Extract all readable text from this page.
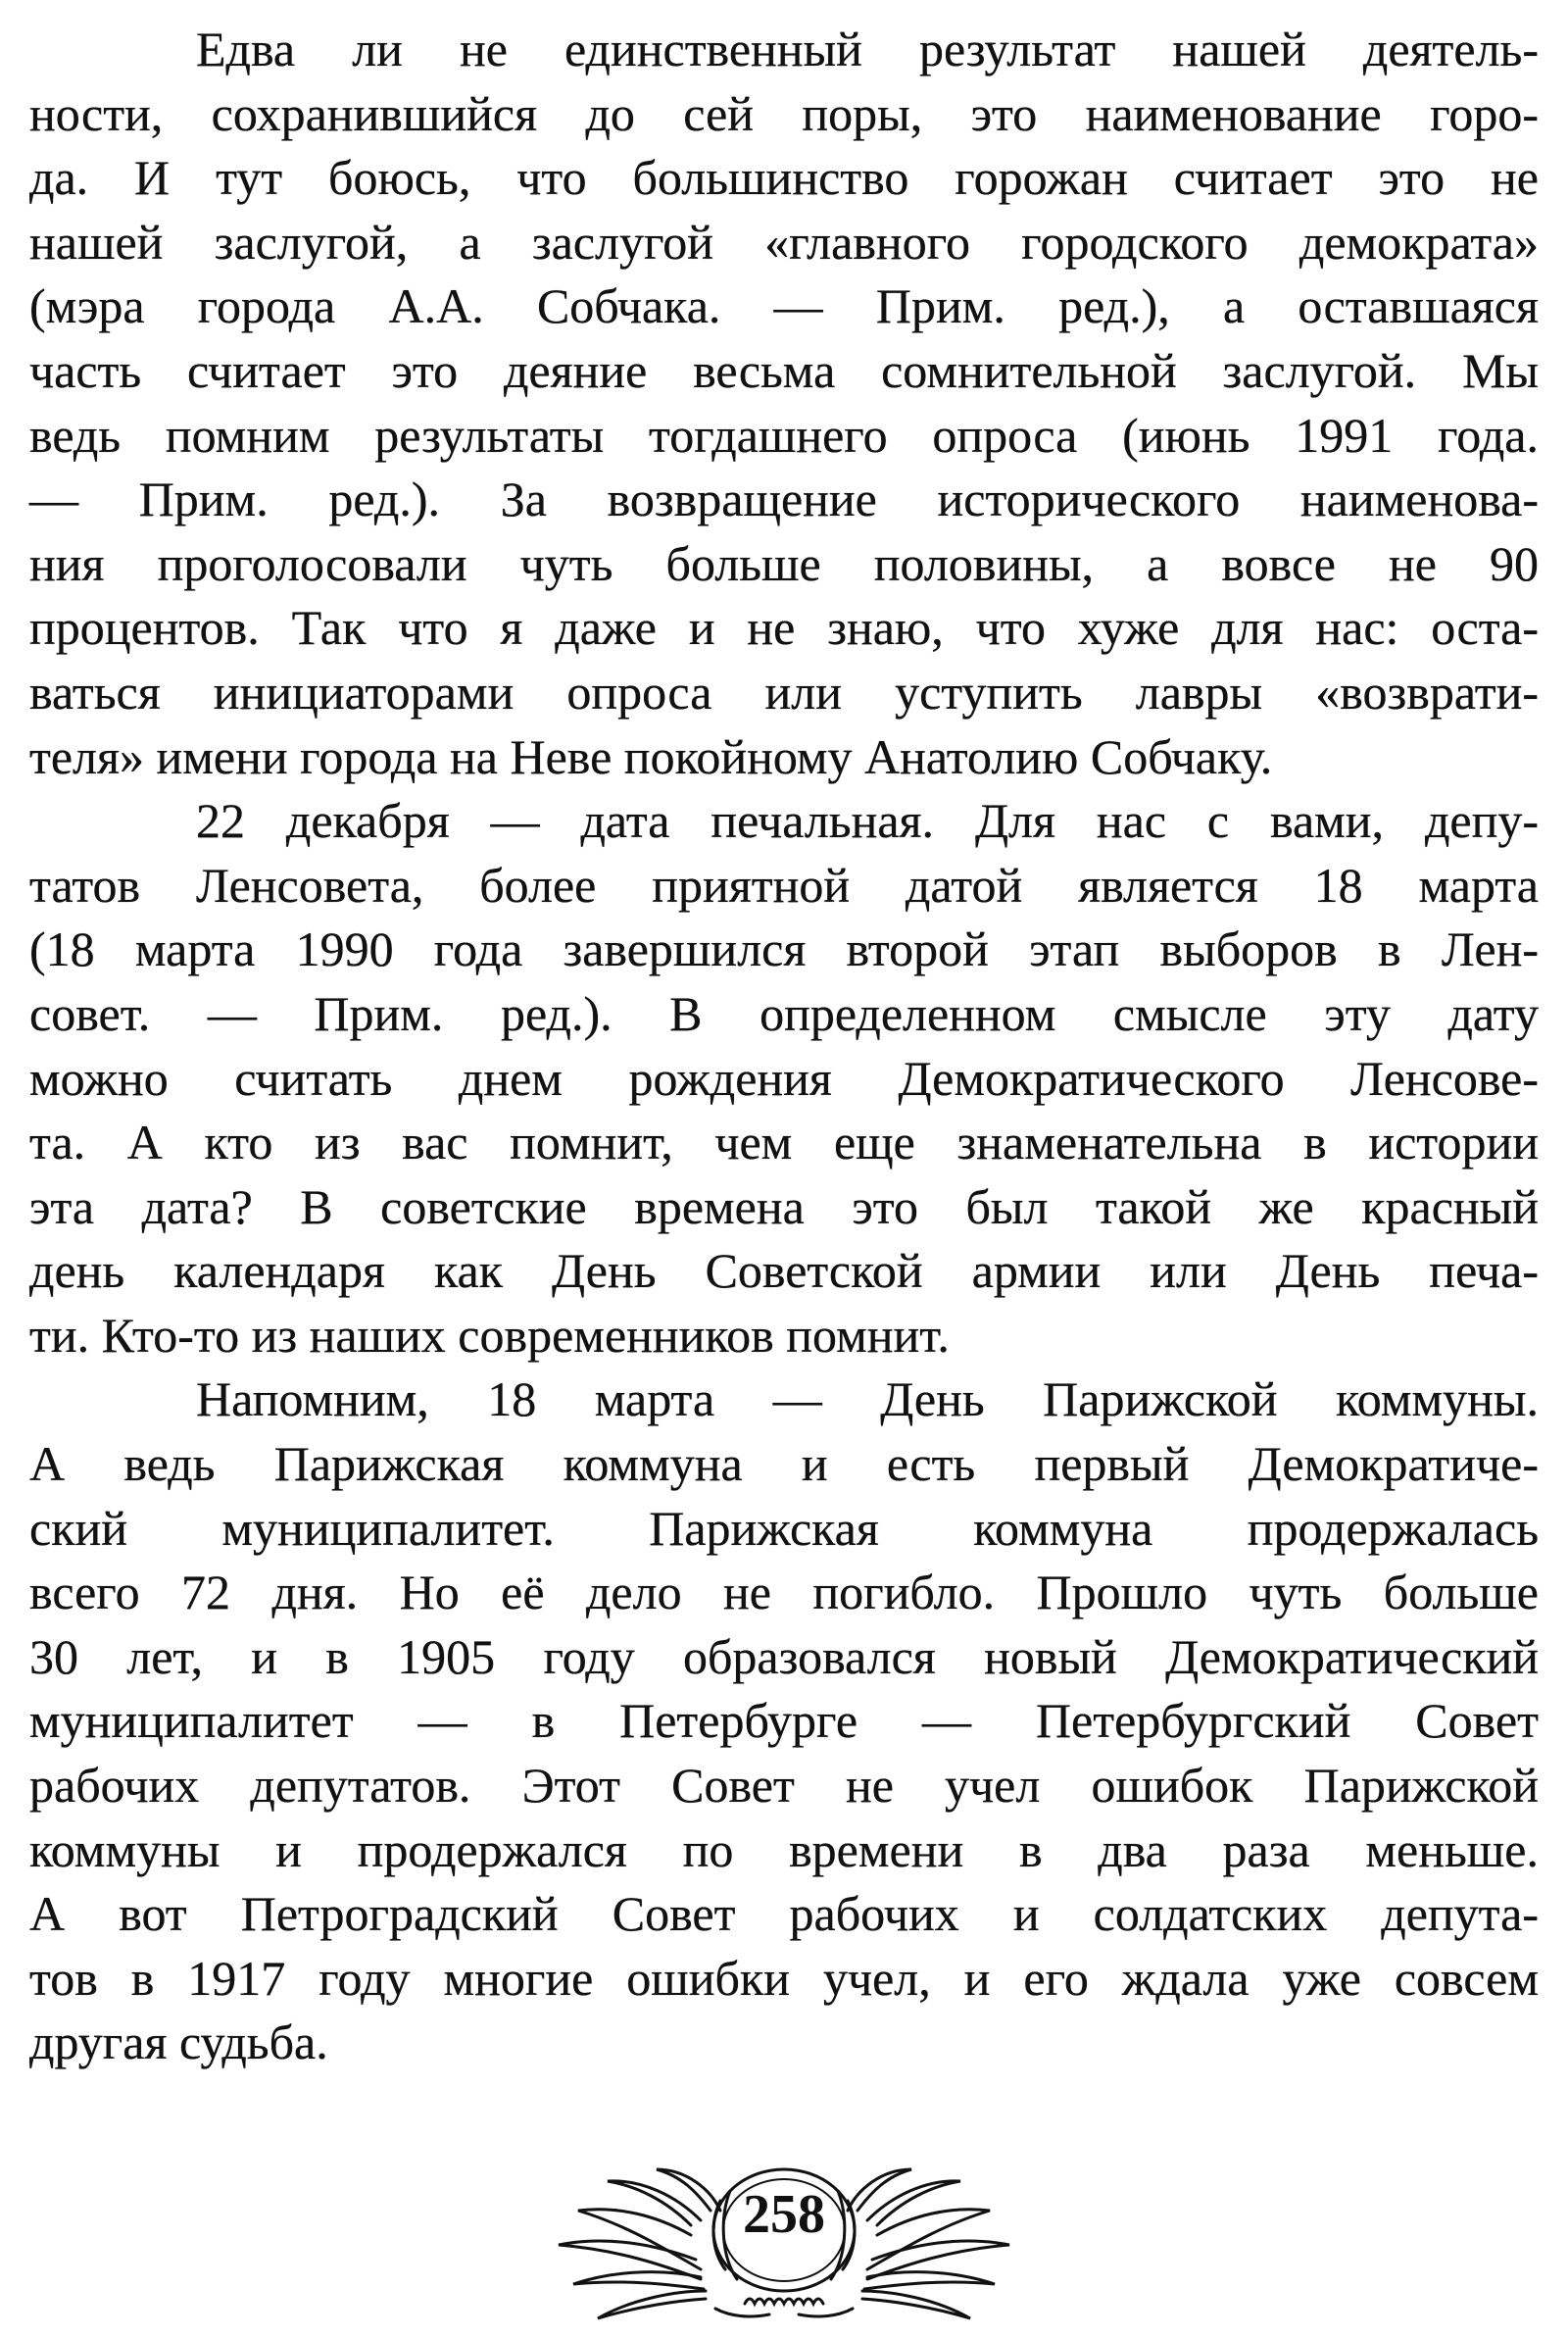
Едва ли не единственный результат нашей деятель-
ности, сохранившийся до сей поры, это наименование горо-
да. И тут боюсь, что большинство горожан считает это не
нашей заслугой, а заслугой «главного городского демократа»
(мэра города А.А. Собчака. — Прим. ред.), а оставшаяся
часть считает это деяние весьма сомнительной заслугой. Мы
ведь помним результаты тогдашнего опроса (июнь 1991 года.
— Прим. ред.). За возвращение исторического наименова-
ния проголосовали чуть больше половины, а вовсе не 90
процентов. Так что я даже и не знаю, что хуже для нас: оста-
ваться инициаторами опроса или уступить лавры «возврати-
теля» имени города на Неве покойному Анатолию Собчаку.
22 декабря — дата печальная. Для нас с вами, депу-
татов Ленсовета, более приятной датой является 18 марта
(18 марта 1990 года завершился второй этап выборов в Лен-
совет. — Прим. ред.). В определенном смысле эту дату
можно считать днем рождения Демократического Ленсове-
та. А кто из вас помнит, чем еще знаменательна в истории
эта дата? В советские времена это был такой же красный
день календаря как День Советской армии или День печа-
ти. Кто-то из наших современников помнит.
Напомним, 18 марта — День Парижской коммуны.
А ведь Парижская коммуна и есть первый Демократиче-
ский муниципалитет. Парижская коммуна продержалась
всего 72 дня. Но её дело не погибло. Прошло чуть больше
30 лет, и в 1905 году образовался новый Демократический
муниципалитет — в Петербурге — Петербургский Совет
рабочих депутатов. Этот Совет не учел ошибок Парижской
коммуны и продержался по времени в два раза меньше.
А вот Петроградский Совет рабочих и солдатских депута-
тов в 1917 году многие ошибки учел, и его ждала уже совсем
другая судьба.
258
